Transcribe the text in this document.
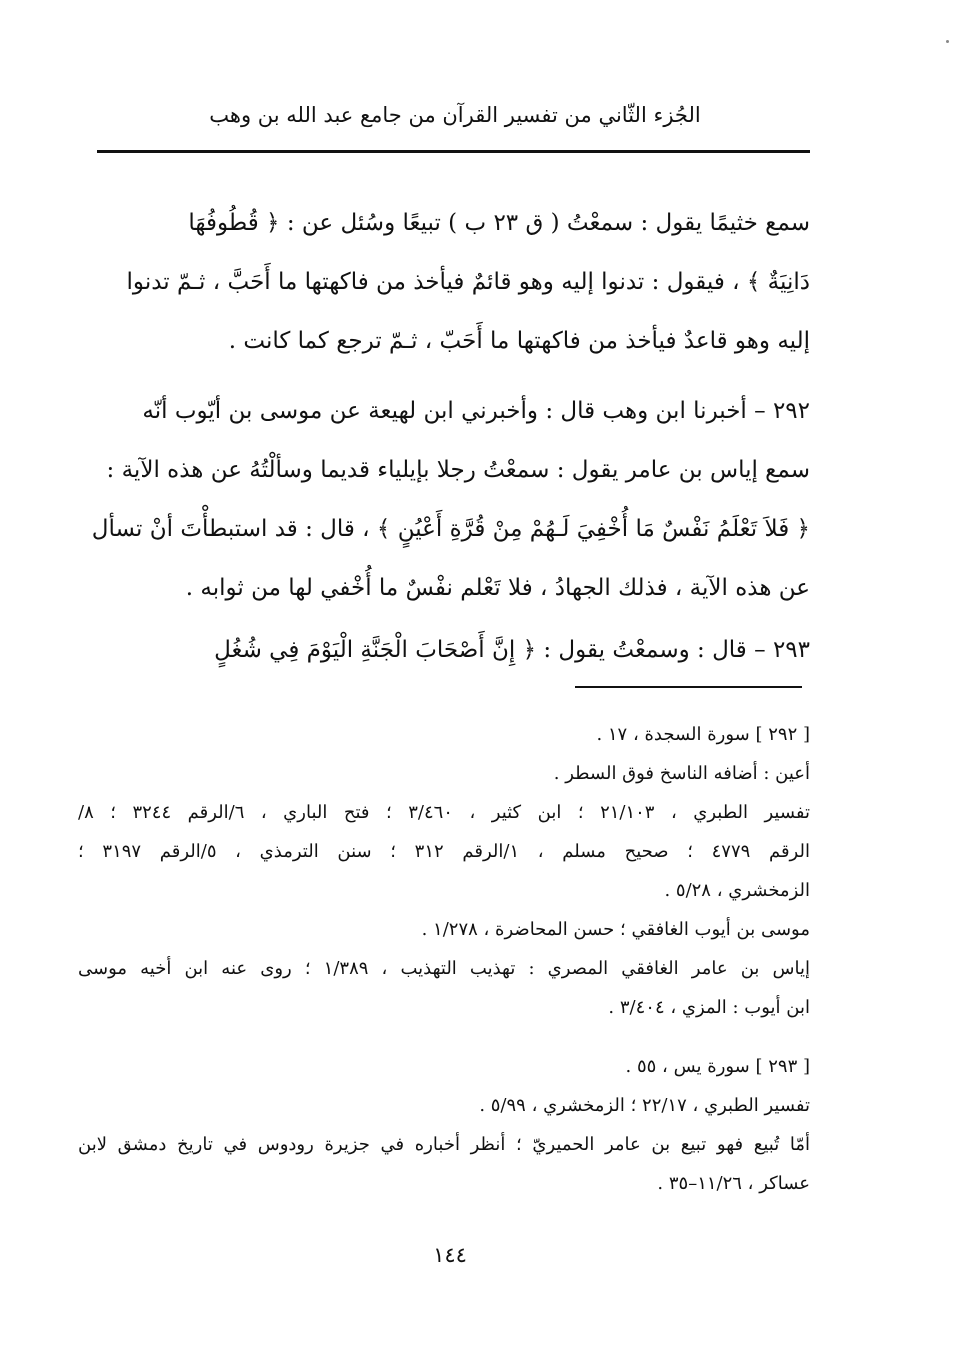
الجُزء الثّاني من تفسير القرآن من جامع عبد الله بن وهب
سمع خثيمًا يقول : سمعْتُ ( ق ٢٣ ب ) تبيعًا وسُئل عن : ﴿ قُطُوفُهَا
دَانِيَةٌ ﴾ ، فيقول : تدنوا إليه وهو قائمٌ فيأخذ من فاكهتها ما أَحَبَّ ، ثـمّ تدنوا
إليه وهو قاعدٌ فيأخذ من فاكهتها ما أَحَبّ ، ثـمّ ترجع كما كانت .
٢٩٢ – أخبرنا ابن وهب قال : وأخبرني ابن لهيعة عن موسى بن أيّوب أنّه
سمع إياس بن عامر يقول : سمعْتُ رجلا بإيلياء قديما وسألْتُهُ عن هذه الآية :
﴿ فَلاَ تَعْلَمُ نَفْسٌ مَا أُخْفِيَ لَـهُمْ مِنْ قُرَّةِ أَعْيُنٍ ﴾ ، قال : قد استبطأْتَ أنْ تسأل
عن هذه الآية ، فذلك الجهادُ ، فلا تَعْلم نفْسٌ ما أُخْفي لها من ثوابه .
٢٩٣ – قال : وسمعْتُ يقول : ﴿ إِنَّ أَصْحَابَ الْجَنَّةِ الْيَوْمَ فِي شُغُلٍ
[ ٢٩٢ ] سورة السجدة ، ١٧ .
أعين : أضافه الناسخ فوق السطر .
تفسير الطبري ، ٢١/١٠٣ ؛ ابن كثير ، ٣/٤٦٠ ؛ فتح الباري ، ٦/الرقم ٣٢٤٤ ؛ ٨/
الرقم ٤٧٧٩ ؛ صحيح مسلم ، ١/الرقم ٣١٢ ؛ سنن الترمذي ، ٥/الرقم ٣١٩٧ ؛
الزمخشري ، ٥/٢٨ .
موسى بن أيوب الغافقي ؛ حسن المحاضرة ، ١/٢٧٨ .
إياس بن عامر الغافقي المصري : تهذيب التهذيب ، ١/٣٨٩ ؛ روى عنه ابن أخيه موسى
ابن أيوب : المزي ، ٣/٤٠٤ .
[ ٢٩٣ ] سورة يس ، ٥٥ .
تفسير الطبري ، ٢٢/١٧ ؛ الزمخشري ، ٥/٩٩ .
أمّا تُبيع فهو تبيع بن عامر الحميريّ ؛ أنظر أخباره في جزيرة رودوس في تاريخ دمشق لابن
عساكر ، ١١/٢٦–٣٥ .
١٤٤
